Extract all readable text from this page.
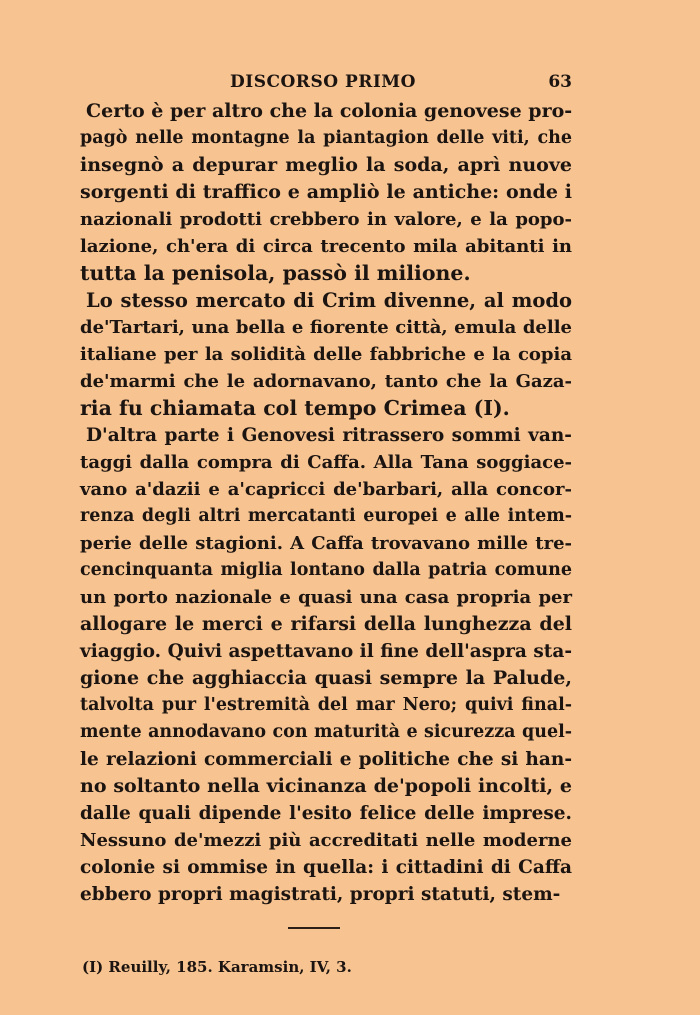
DISCORSO PRIMO	63
Certo è per altro che la colonia genovese pro-
pagò nelle montagne la piantagion delle viti, che
insegnò a depurar meglio la soda, aprì nuove
sorgenti di traffico e ampliò le antiche: onde i
nazionali prodotti crebbero in valore, e la popo-
lazione, ch'era di circa trecento mila abitanti in
tutta la penisola, passò il milione.
Lo stesso mercato di Crim divenne, al modo
de'Tartari, una bella e fiorente città, emula delle
italiane per la solidità delle fabbriche e la copia
de'marmi che le adornavano, tanto che la Gaza-
ria fu chiamata col tempo Crimea (I).
D'altra parte i Genovesi ritrassero sommi van-
taggi dalla compra di Caffa. Alla Tana soggiace-
vano a'dazii e a'capricci de'barbari, alla concor-
renza degli altri mercatanti europei e alle intem-
perie delle stagioni. A Caffa trovavano mille tre-
cencinquanta miglia lontano dalla patria comune
un porto nazionale e quasi una casa propria per
allogare le merci e rifarsi della lunghezza del
viaggio. Quivi aspettavano il fine dell'aspra sta-
gione che agghiaccia quasi sempre la Palude,
talvolta pur l'estremità del mar Nero; quivi final-
mente annodavano con maturità e sicurezza quel-
le relazioni commerciali e politiche che si han-
no soltanto nella vicinanza de'popoli incolti, e
dalle quali dipende l'esito felice delle imprese.
Nessuno de'mezzi più accreditati nelle moderne
colonie si ommise in quella: i cittadini di Caffa
ebbero propri magistrati, propri statuti, stem-
(I) Reuilly, 185. Karamsin, IV, 3.
